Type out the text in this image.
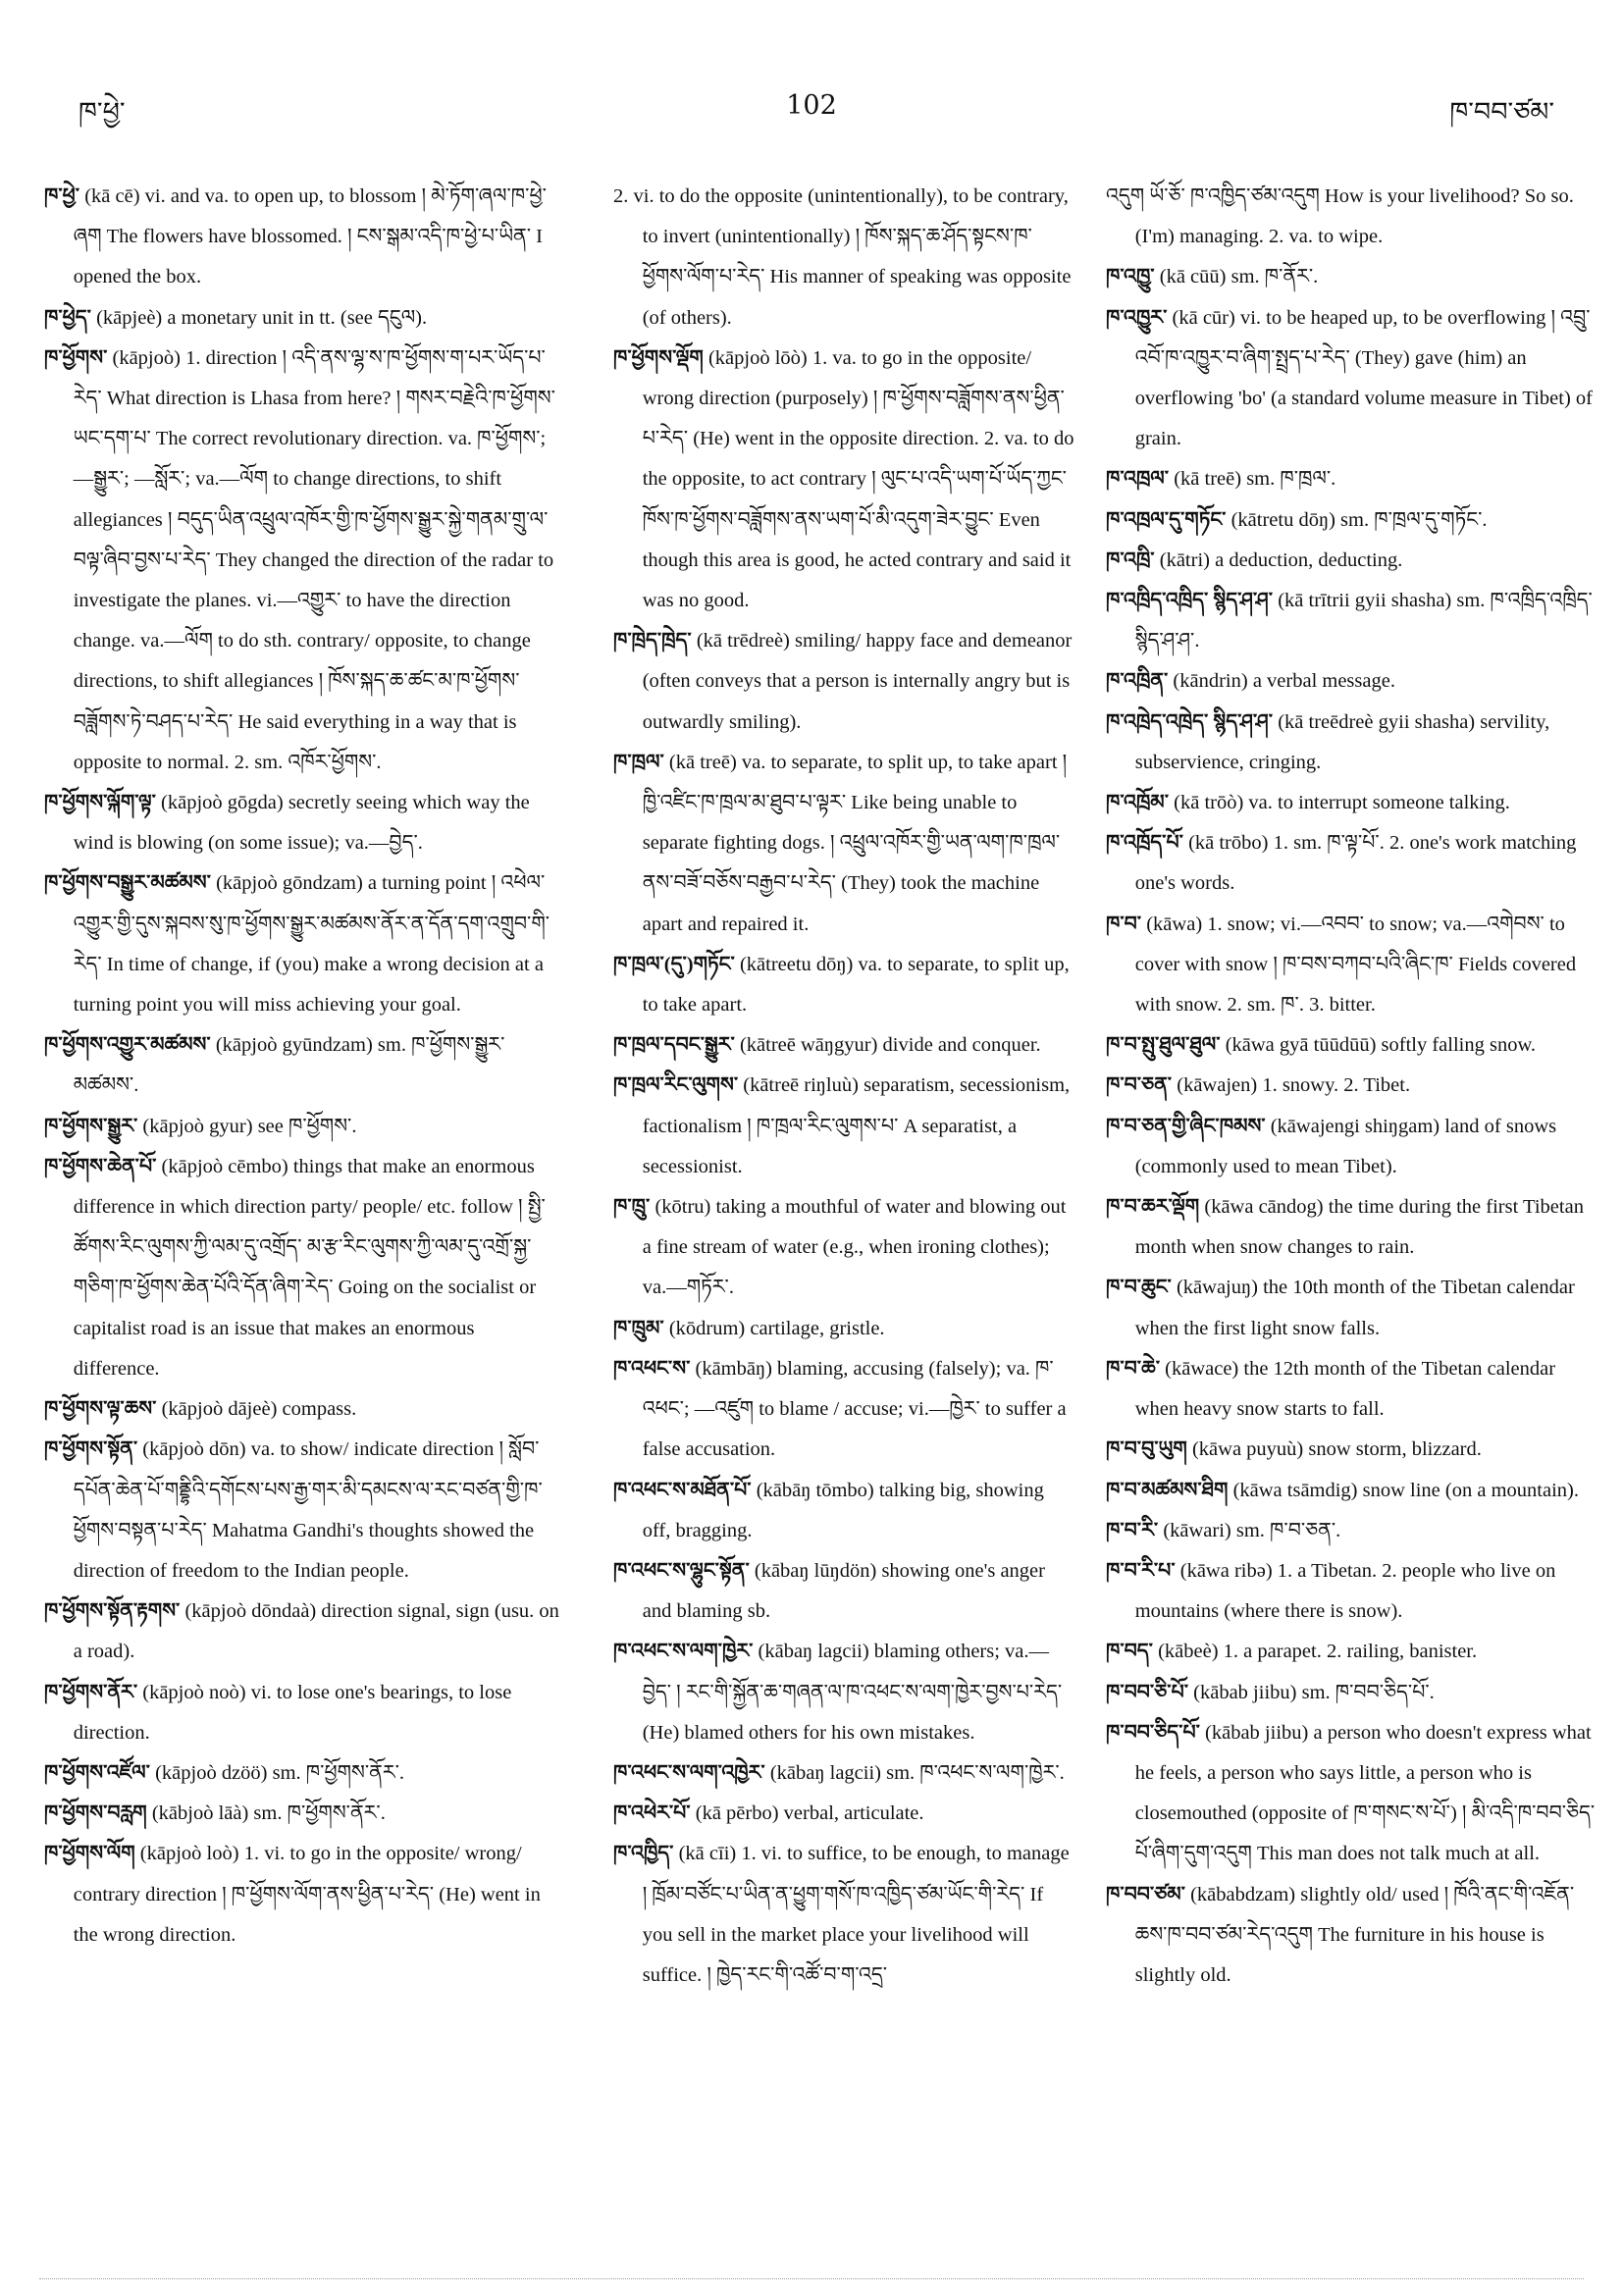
ཁ་ཕྱེ་	102	ཁ་བབ་ཙམ་

ཁ་ཕྱེ་ (kā cē) vi. and va. to open up, to blossom ། མེ་ཏོག་ཞལ་ཁ་ཕྱེ་ཞག The flowers have blossomed. ། ངས་སྒམ་འདི་ཁ་ཕྱེ་པ་ཡིན་ I opened the box.

ཁ་ཕྱེད་ (kāpjeè) a monetary unit in tt. (see དངུལ).

ཁ་ཕྱོགས་ (kāpjoò) 1. direction ། འདི་ནས་ལྷ་ས་ཁ་ཕྱོགས་ག་པར་ཡོད་པ་རེད་ What direction is Lhasa from here? ། གསར་བརྗེའི་ཁ་ཕྱོགས་ཡང་དག་པ་ The correct revolutionary direction. va. ཁ་ཕྱོགས་; —སྒྱུར་; —སློར་; va.—ལོག to change directions, to shift allegiances ། བདུད་ཡིན་འཕྲུལ་འཁོར་གྱི་ཁ་ཕྱོགས་སྒྱུར་སྐྱེ་གནམ་གྲུ་ལ་བལྟ་ཞིབ་བྱས་པ་རེད་ They changed the direction of the radar to investigate the planes. vi.—འགྱུར་ to have the direction change. va.—ལོག to do sth. contrary/ opposite, to change directions, to shift allegiances ། ཁོས་སྐད་ཆ་ཚང་མ་ཁ་ཕྱོགས་བཟློགས་ཏེ་བཤད་པ་རེད་ He said everything in a way that is opposite to normal. 2. sm. འཁོར་ཕྱོགས་.

ཁ་ཕྱོགས་ལྐོག་ལྟ་ (kāpjoò gōgda) secretly seeing which way the wind is blowing (on some issue); va.—བྱེད་.

ཁ་ཕྱོགས་བསྒྱུར་མཚམས་ (kāpjoò gōndzam) a turning point ། འཕེལ་འགྱུར་གྱི་དུས་སྐབས་སུ་ཁ་ཕྱོགས་སྒྱུར་མཚམས་ནོར་ན་དོན་དག་འགྲུབ་གི་རེད་ In time of change, if (you) make a wrong decision at a turning point you will miss achieving your goal.

ཁ་ཕྱོགས་འགྱུར་མཚམས་ (kāpjoò gyūndzam) sm. ཁ་ཕྱོགས་སྒྱུར་མཚམས་.

ཁ་ཕྱོགས་སྒྱུར་ (kāpjoò gyur) see ཁ་ཕྱོགས་.

ཁ་ཕྱོགས་ཆེན་པོ་ (kāpjoò cēmbo) things that make an enormous difference in which direction party/ people/ etc. follow ། སྤྱི་ཚོགས་རིང་ལུགས་ཀྱི་ལམ་དུ་འགྲོད་ མ་རྩ་རིང་ལུགས་ཀྱི་ལམ་དུ་འགྲོ་སྐྱ་གཅིག་ཁ་ཕྱོགས་ཆེན་པོའི་དོན་ཞིག་རེད་ Going on the socialist or capitalist road is an issue that makes an enormous difference.

ཁ་ཕྱོགས་ལྟ་ཆས་ (kāpjoò dājeè) compass.

ཁ་ཕྱོགས་སྟོན་ (kāpjoò dōn) va. to show/ indicate direction ། སློབ་དཔོན་ཆེན་པོ་གནྡྷིའི་དགོངས་པས་རྒྱ་གར་མི་དམངས་ལ་རང་བཙན་གྱི་ཁ་ཕྱོགས་བསྟན་པ་རེད་ Mahatma Gandhi's thoughts showed the direction of freedom to the Indian people.

ཁ་ཕྱོགས་སྟོན་རྟགས་ (kāpjoò dōndaà) direction signal, sign (usu. on a road).

ཁ་ཕྱོགས་ནོར་ (kāpjoò noò) vi. to lose one's bearings, to lose direction.

ཁ་ཕྱོགས་འཛོལ་ (kāpjoò dzöö) sm. ཁ་ཕྱོགས་ནོར་.

ཁ་ཕྱོགས་བརླག (kābjoò lāà) sm. ཁ་ཕྱོགས་ནོར་.

ཁ་ཕྱོགས་ལོག (kāpjoò loò) 1. vi. to go in the opposite/ wrong/ contrary direction ། ཁ་ཕྱོགས་ལོག་ནས་ཕྱིན་པ་རེད་ (He) went in the wrong direction.

2. vi. to do the opposite (unintentionally), to be contrary, to invert (unintentionally) ། ཁོས་སྐད་ཆ་ཤོད་སྟངས་ཁ་ཕྱོགས་ལོག་པ་རེད་ His manner of speaking was opposite (of others).

ཁ་ཕྱོགས་ལྡོག (kāpjoò lōò) 1. va. to go in the opposite/ wrong direction (purposely) ། ཁ་ཕྱོགས་བཟློགས་ནས་ཕྱིན་པ་རེད་ (He) went in the opposite direction. 2. va. to do the opposite, to act contrary ། ལུང་པ་འདི་ཡག་པོ་ཡོད་ཀྱང་ ཁོས་ཁ་ཕྱོགས་བཟློགས་ནས་ཡག་པོ་མི་འདུག་ཟེར་བྱུང་ Even though this area is good, he acted contrary and said it was no good.

ཁ་ཁྲེད་ཁྲེད་ (kā trēdreè) smiling/ happy face and demeanor (often conveys that a person is internally angry but is outwardly smiling).

ཁ་ཁྲལ་ (kā treē) va. to separate, to split up, to take apart ། ཁྱི་འཛིང་ཁ་ཁྲལ་མ་ཐུབ་པ་ལྟར་ Like being unable to separate fighting dogs. ། འཕྲུལ་འཁོར་གྱི་ཡན་ལག་ཁ་ཁྲལ་ནས་བཟོ་བཅོས་བརྒྱབ་པ་རེད་ (They) took the machine apart and repaired it.

ཁ་ཁྲལ་(དུ་)གཏོང་ (kātreetu dōŋ) va. to separate, to split up, to take apart.

ཁ་ཁྲལ་དབང་སྒྱུར་ (kātreē wāŋgyur) divide and conquer.

ཁ་ཁྲལ་རིང་ལུགས་ (kātreē riŋluù) separatism, secessionism, factionalism ། ཁ་ཁྲལ་རིང་ལུགས་པ་ A separatist, a secessionist.

ཁ་ཁྲུ་ (kōtru) taking a mouthful of water and blowing out a fine stream of water (e.g., when ironing clothes); va.—གཏོར་.

ཁ་ཁྲུམ་ (kōdrum) cartilage, gristle.

ཁ་འཕང་ས་ (kāmbāŋ) blaming, accusing (falsely); va. ཁ་འཕང་; —འཛུག to blame / accuse; vi.—ཁྱེར་ to suffer a false accusation.

ཁ་འཕང་ས་མཐོན་པོ་ (kābāŋ tōmbo) talking big, showing off, bragging.

ཁ་འཕང་ས་ལྷུང་སྟོན་ (kābaŋ lūŋdön) showing one's anger and blaming sb.

ཁ་འཕང་ས་ལག་ཁྱེར་ (kābaŋ lagcii) blaming others; va.—བྱེད་ ། རང་གི་སྐྱོན་ཆ་གཞན་ལ་ཁ་འཕང་ས་ལག་ཁྱེར་བྱས་པ་རེད་ (He) blamed others for his own mistakes.

ཁ་འཕང་ས་ལག་འཁྱེར་ (kābaŋ lagcii) sm. ཁ་འཕང་ས་ལག་ཁྱེར་.

ཁ་འཕེར་པོ་ (kā pērbo) verbal, articulate.

ཁ་འཁྱིད་ (kā cīi) 1. vi. to suffice, to be enough, to manage ། ཁྲོམ་བཙོང་པ་ཡིན་ན་ཕྱུག་གསོ་ཁ་འཁྱིད་ཙམ་ཡོང་གི་རེད་ If you sell in the market place your livelihood will suffice. ། ཁྱེད་རང་གི་འཚོ་བ་ག་འདྲ་

འདུག ཡོ་ཅོ་ ཁ་འཁྱིད་ཙམ་འདུག How is your livelihood? So so. (I'm) managing. 2. va. to wipe.

ཁ་འཁྱུ་ (kā cūū) sm. ཁ་ནོར་.

ཁ་འཁྱུར་ (kā cūr) vi. to be heaped up, to be overflowing ། འབྲུ་འབོ་ཁ་འཁྱུར་བ་ཞིག་སྤྲད་པ་རེད་ (They) gave (him) an overflowing 'bo' (a standard volume measure in Tibet) of grain.

ཁ་འཁྲལ་ (kā treē) sm. ཁ་ཁྲལ་.

ཁ་འཁྲལ་དུ་གཏོང་ (kātretu dōŋ) sm. ཁ་ཁྲལ་དུ་གཏོང་.

ཁ་འཁྲི་ (kātri) a deduction, deducting.

ཁ་འཁྲིད་འཁྲིད་ སྙིད་ཤ་ཤ་ (kā trītrii gyii shasha) sm. ཁ་འཁྲིད་འཁྲིད་ སྙིད་ཤ་ཤ་.

ཁ་འཁྲིན་ (kāndrin) a verbal message.

ཁ་འཁྲེད་འཁྲེད་ སྙིད་ཤ་ཤ་ (kā treēdreè gyii shasha) servility, subservience, cringing.

ཁ་འཁྲོམ་ (kā trōò) va. to interrupt someone talking.

ཁ་འཁྲོད་པོ་ (kā trōbo) 1. sm. ཁ་ལྟ་པོ་. 2. one's work matching one's words.

ཁ་བ་ (kāwa) 1. snow; vi.—འབབ་ to snow; va.—འགེབས་ to cover with snow ། ཁ་བས་བཀབ་པའི་ཞིང་ཁ་ Fields covered with snow. 2. sm. ཁ་. 3. bitter.

ཁ་བ་སྤུ་ཐུལ་ཐུལ་ (kāwa gyā tūūdūū) softly falling snow.

ཁ་བ་ཅན་ (kāwajen) 1. snowy. 2. Tibet.

ཁ་བ་ཅན་གྱི་ཞིང་ཁམས་ (kāwajengi shiŋgam) land of snows (commonly used to mean Tibet).

ཁ་བ་ཆར་ལྡོག (kāwa cāndog) the time during the first Tibetan month when snow changes to rain.

ཁ་བ་ཆུང་ (kāwajuŋ) the 10th month of the Tibetan calendar when the first light snow falls.

ཁ་བ་ཆེ་ (kāwace) the 12th month of the Tibetan calendar when heavy snow starts to fall.

ཁ་བ་བུ་ཡུག (kāwa puyuù) snow storm, blizzard.

ཁ་བ་མཚམས་ཐིག (kāwa tsāmdig) snow line (on a mountain).

ཁ་བ་རི་ (kāwari) sm. ཁ་བ་ཅན་.

ཁ་བ་རི་པ་ (kāwa ribə) 1. a Tibetan. 2. people who live on mountains (where there is snow).

ཁ་བད་ (kābeè) 1. a parapet. 2. railing, banister.

ཁ་བབ་ཅི་པོ་ (kābab jiibu) sm. ཁ་བབ་ཅིད་པོ་.

ཁ་བབ་ཅིད་པོ་ (kābab jiibu) a person who doesn't express what he feels, a person who says little, a person who is closemouthed (opposite of ཁ་གསང་ས་པོ་) ། མི་འདི་ཁ་བབ་ཅིད་པོ་ཞིག་དུག་འདུག This man does not talk much at all.

ཁ་བབ་ཙམ་ (kābabdzam) slightly old/ used ། ཁོའི་ནང་གི་འཇོན་ཆས་ཁ་བབ་ཙམ་རེད་འདུག The furniture in his house is slightly old.
